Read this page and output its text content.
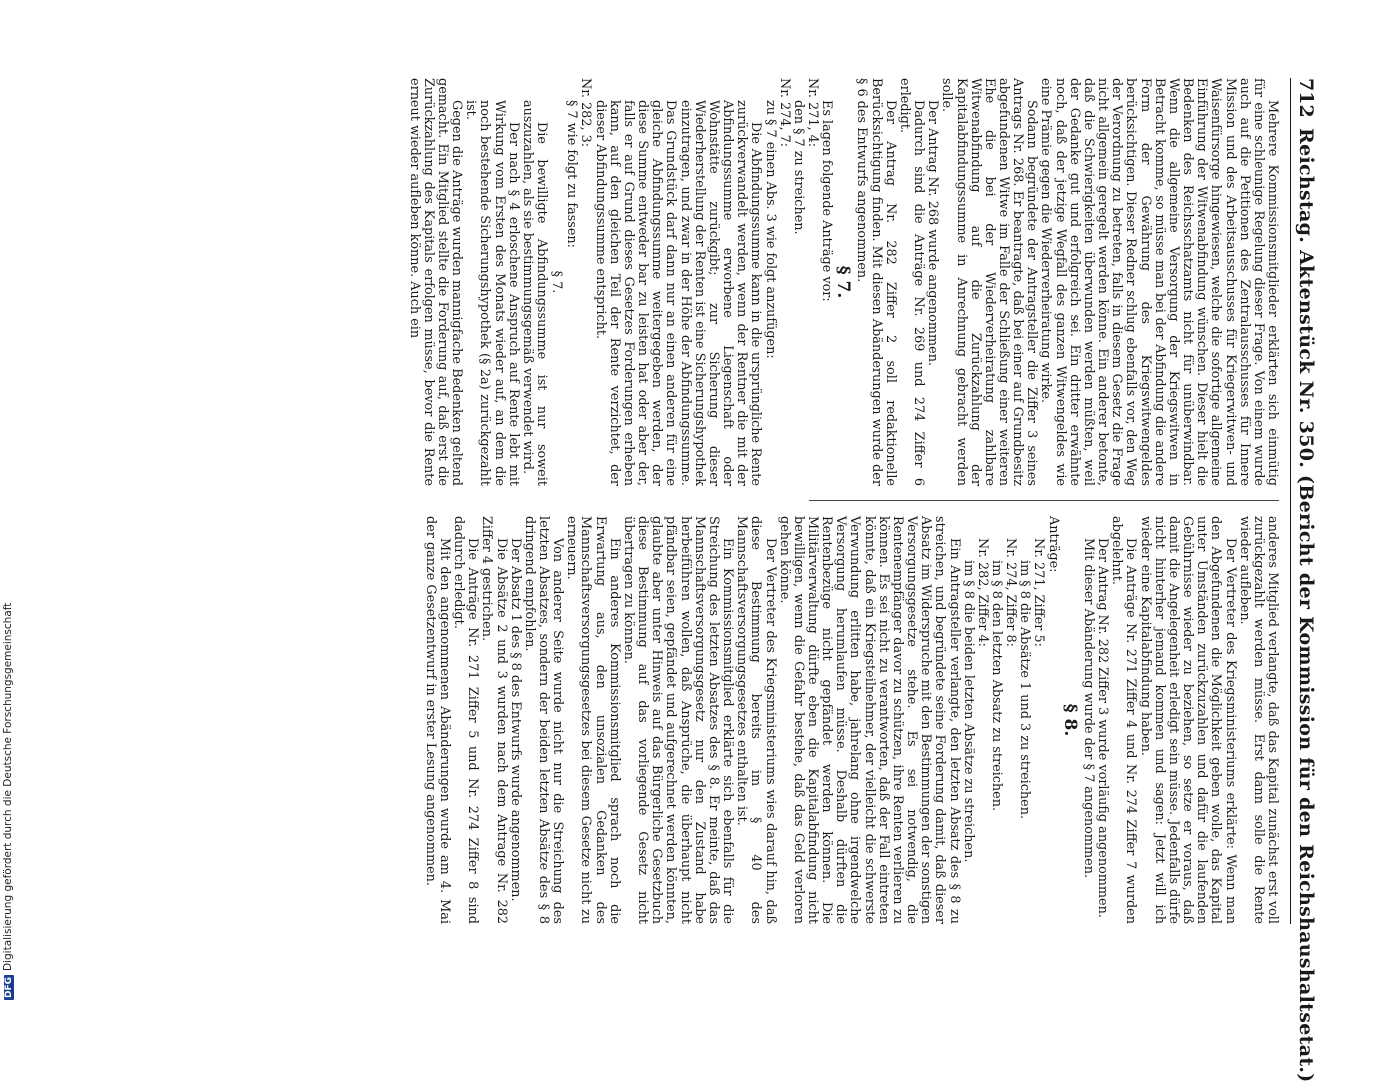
712
Reichstag. Aktenstück Nr. 350. (Bericht der Kommission für den Reichshaushaltsetat.)

Mehrere Kommissionsmitglieder erklärten sich einmütig für eine schleunige Regelung dieser Frage. Von einem wurde auch auf die Petitionen des Zentralausschusses für Innere Mission und des Arbeitsausschusses für Kriegerwitwen- und Waisenfürsorge hingewiesen, welche die sofortige allgemeine Einführung der Witwenabfindung wünschen. Dieser hielt die Bedenken des Reichsschatzamts nicht für unüberwindbar. Wenn die allgemeine Versorgung der Kriegswitwen in Betracht komme, so müsse man bei der Abfindung die andere Form der Gewährung des Kriegswitwengeldes berücksichtigen. Dieser Redner schlug ebenfalls vor, den Weg der Verordnung zu betreten, falls in diesem Gesetz die Frage nicht allgemein geregelt werden könne. Ein anderer betonte, daß die Schwierigkeiten überwunden werden müßten, weil der Gedanke gut und erfolgreich sei. Ein dritter erwähnte noch, daß der jetzige Wegfall des ganzen Witwengeldes wie eine Prämie gegen die Wiederverheiratung wirke.

Sodann begründete der Antragsteller die Ziffer 3 seines Antrags Nr. 268. Er beantragte, daß bei einer auf Grundbesitz abgefundenen Witwe im Falle der Schließung einer weiteren Ehe die bei der Wiederverheiratung zahlbare Witwenabfindung auf die Zurückzahlung der Kapitalabfindungssumme in Anrechnung gebracht werden solle.

Der Antrag Nr. 268 wurde angenommen.

Dadurch sind die Anträge Nr. 269 und 274 Ziffer 6 erledigt.

Der Antrag Nr. 282 Ziffer 2 soll redaktionelle Berücksichtigung finden. Mit diesen Abänderungen wurde der § 6 des Entwurfs angenommen.

§ 7.

Es lagen folgende Anträge vor:

Nr. 271, 4:

den § 7 zu streichen.

Nr. 274, 7:

zu § 7 einen Abs. 3 wie folgt anzufügen:

Die Abfindungssumme kann in die ursprüngliche Rente zurückverwandelt werden, wenn der Rentner die mit der Abfindungssumme erworbene Liegenschaft oder Wohnstätte zurückgibt; zur Sicherung dieser Wiederherstellung der Renten ist eine Sicherungshypothek einzutragen, und zwar in der Höhe der Abfindungssumme. Das Grundstück darf dann nur an einen anderen für eine gleiche Abfindungssumme weitergegeben werden, der diese Summe entweder bar zu leisten hat oder aber der, falls er auf Grund dieses Gesetzes Forderungen erheben kann, auf den gleichen Teil der Rente verzichtet, der dieser Abfindungssumme entspricht.

Nr. 282, 3:

§ 7 wie folgt zu fassen:

§ 7.

Die bewilligte Abfindungssumme ist nur soweit auszuzahlen, als sie bestimmungsgemäß verwendet wird.

Der nach § 4 erloschene Anspruch auf Rente lebt mit Wirkung vom Ersten des Monats wieder auf, an dem die noch bestehende Sicherungshypothek (§ 2a) zurückgezahlt ist.

Gegen die Anträge wurden mannigfache Bedenken geltend gemacht. Ein Mitglied stellte die Forderung auf, daß erst die Zurückzahlung des Kapitals erfolgen müsse, bevor die Rente erneut wieder aufleben könne. Auch ein

anderes Mitglied verlangte, daß das Kapital zunächst erst voll zurückgezahlt werden müsse. Erst dann solle die Rente wieder aufleben.

Der Vertreter des Kriegsministeriums erklärte: Wenn man den Abgefundenen die Möglichkeit geben wolle, das Kapital unter Umständen zurückzuzahlen und dafür die laufenden Gebührnisse wieder zu beziehen, so setze er voraus, daß damit die Angelegenheit erledigt sein müsse. Jedenfalls dürfe nicht hinterher jemand kommen und sagen: Jetzt will ich wieder eine Kapitalabfindung haben.

Die Anträge Nr. 271 Ziffer 4 und Nr. 274 Ziffer 7 wurden abgelehnt.

Der Antrag Nr. 282 Ziffer 3 wurde vorläufig angenommen.

Mit dieser Abänderung wurde der § 7 angenommen.

§ 8.

Anträge:

Nr. 271, Ziffer 5:

im § 8 die Absätze 1 und 3 zu streichen.

Nr. 274, Ziffer 8:

im § 8 den letzten Absatz zu streichen.

Nr. 282, Ziffer 4:

im § 8 die beiden letzten Absätze zu streichen.

Ein Antragsteller verlangte, den letzten Absatz des § 8 zu streichen, und begründete seine Forderung damit, daß dieser Absatz im Widerspruche mit den Bestimmungen der sonstigen Versorgungsgesetze stehe. Es sei notwendig, die Rentenempfänger davor zu schützen, ihre Renten verlieren zu können. Es sei nicht zu verantworten, daß der Fall eintreten könnte, daß ein Kriegsteilnehmer, der vielleicht die schwerste Verwundung erlitten habe, jahrelang ohne irgendwelche Versorgung herumlaufen müsse. Deshalb dürften die Rentenbezüge nicht gepfändet werden können. Die Militärverwaltung dürfte eben die Kapitalabfindung nicht bewilligen, wenn die Gefahr bestehe, daß das Geld verloren gehen könne.

Der Vertreter des Kriegsministeriums wies darauf hin, daß diese Bestimmung bereits im § 40 des Mannschaftsversorgungsgesetzes enthalten ist.

Ein Kommissionsmitglied erklärte sich ebenfalls für die Streichung des letzten Absatzes des § 8. Er meinte, daß das Mannschaftsversorgungsgesetz nur den Zustand habe herbeiführen wollen, daß Ansprüche, die überhaupt nicht pfändbar seien, gepfändet und aufgerechnet werden könnten, glaubte aber unter Hinweis auf das Bürgerliche Gesetzbuch diese Bestimmung auf das vorliegende Gesetz nicht übertragen zu können.

Ein anderes Kommissionsmitglied sprach noch die Erwartung aus, den unsozialen Gedanken des Mannschaftsversorgungsgesetzes bei diesem Gesetze nicht zu erneuern.

Von anderer Seite wurde nicht nur die Streichung des letzten Absatzes, sondern der beiden letzten Absätze des § 8 dringend empfohlen.

Der Absatz 1 des § 8 des Entwurfs wurde angenommen.

Die Absätze 2 und 3 wurden nach dem Antrage Nr. 282 Ziffer 4 gestrichen.

Die Anträge Nr. 271 Ziffer 5 und Nr. 274 Ziffer 8 sind dadurch erledigt.

Mit den angenommenen Abänderungen wurde am 4. Mai der ganze Gesetzentwurf in erster Lesung angenommen.

DFGDigitalisierung gefördert durch die Deutsche Forschungsgemeinschaft
